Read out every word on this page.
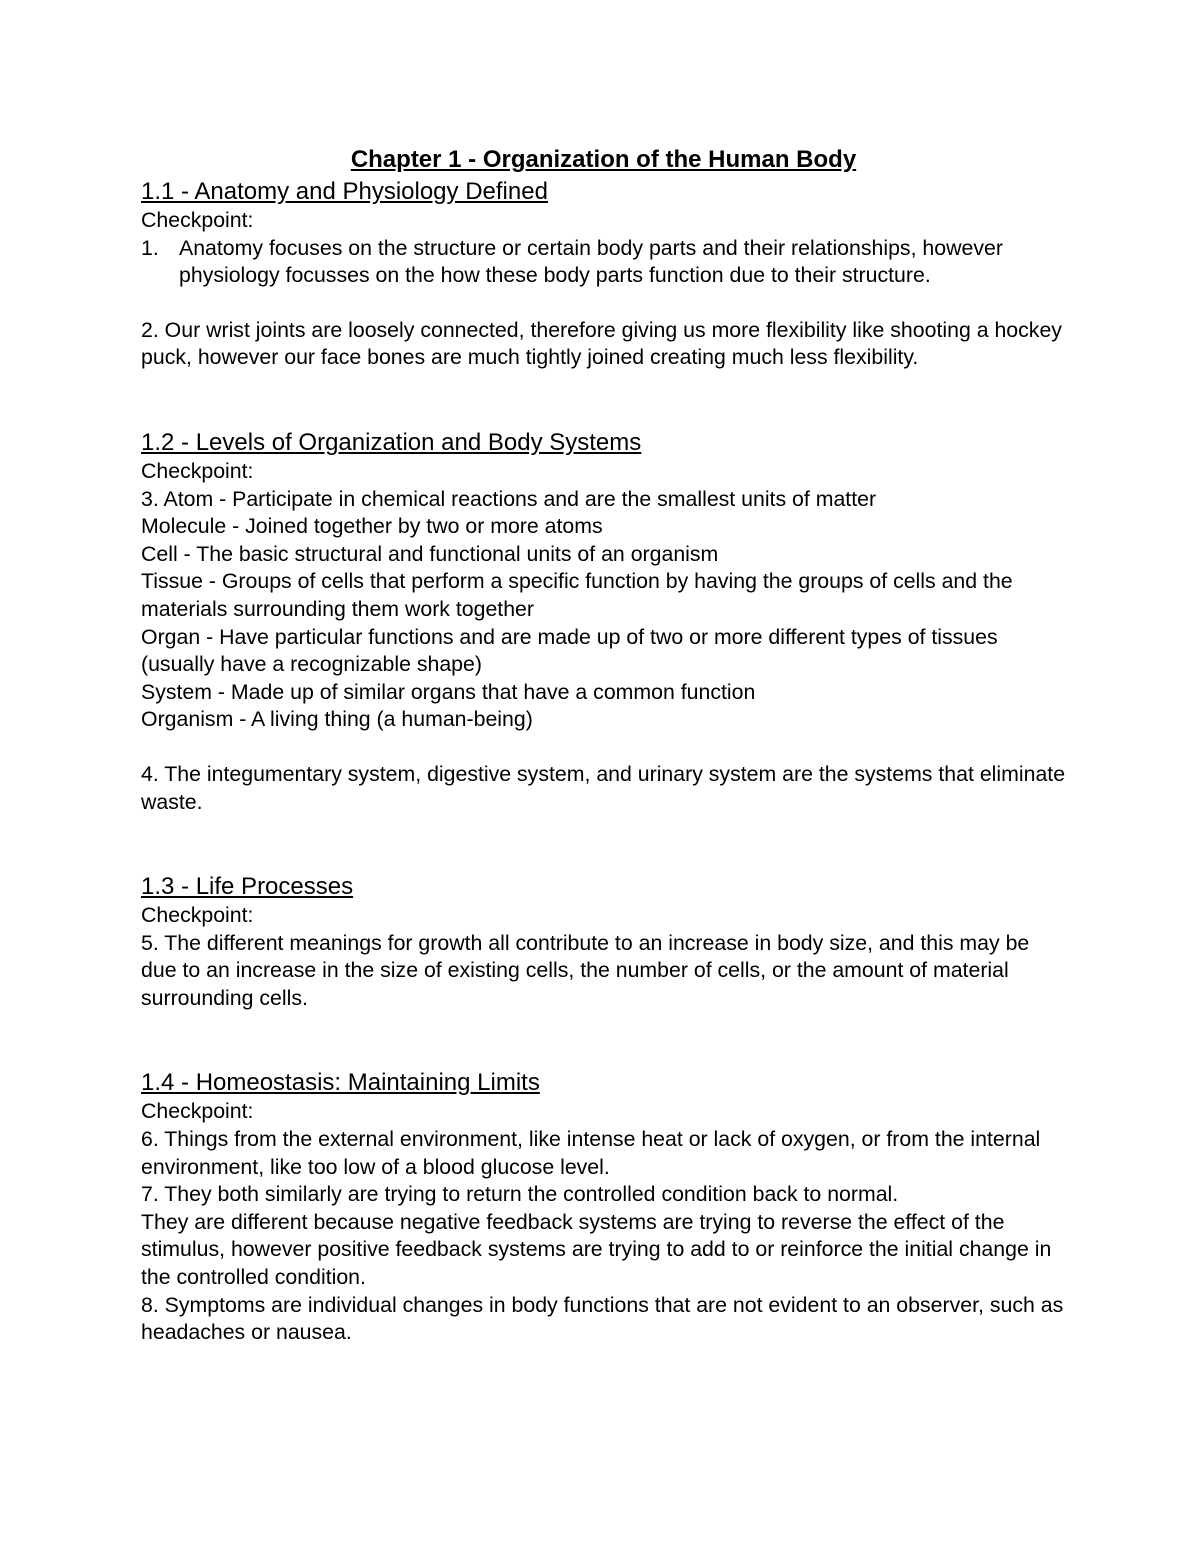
Chapter 1 - Organization of the Human Body
1.1 - Anatomy and Physiology Defined

Checkpoint:

1. Anatomy focuses on the structure or certain body parts and their relationships, however physiology focusses on the how these body parts function due to their structure.

2. Our wrist joints are loosely connected, therefore giving us more flexibility like shooting a hockey puck, however our face bones are much tightly joined creating much less flexibility.

1.2 - Levels of Organization and Body Systems

Checkpoint:

3. Atom - Participate in chemical reactions and are the smallest units of matter

Molecule - Joined together by two or more atoms

Cell - The basic structural and functional units of an organism

Tissue - Groups of cells that perform a specific function by having the groups of cells and the materials surrounding them work together

Organ - Have particular functions and are made up of two or more different types of tissues (usually have a recognizable shape)

System - Made up of similar organs that have a common function

Organism - A living thing (a human-being)

4. The integumentary system, digestive system, and urinary system are the systems that eliminate waste.

1.3 - Life Processes

Checkpoint:

5. The different meanings for growth all contribute to an increase in body size, and this may be due to an increase in the size of existing cells, the number of cells, or the amount of material surrounding cells.

1.4 - Homeostasis: Maintaining Limits

Checkpoint:

6. Things from the external environment, like intense heat or lack of oxygen, or from the internal environment, like too low of a blood glucose level.

7. They both similarly are trying to return the controlled condition back to normal.

They are different because negative feedback systems are trying to reverse the effect of the stimulus, however positive feedback systems are trying to add to or reinforce the initial change in the controlled condition.

8. Symptoms are individual changes in body functions that are not evident to an observer, such as headaches or nausea.
